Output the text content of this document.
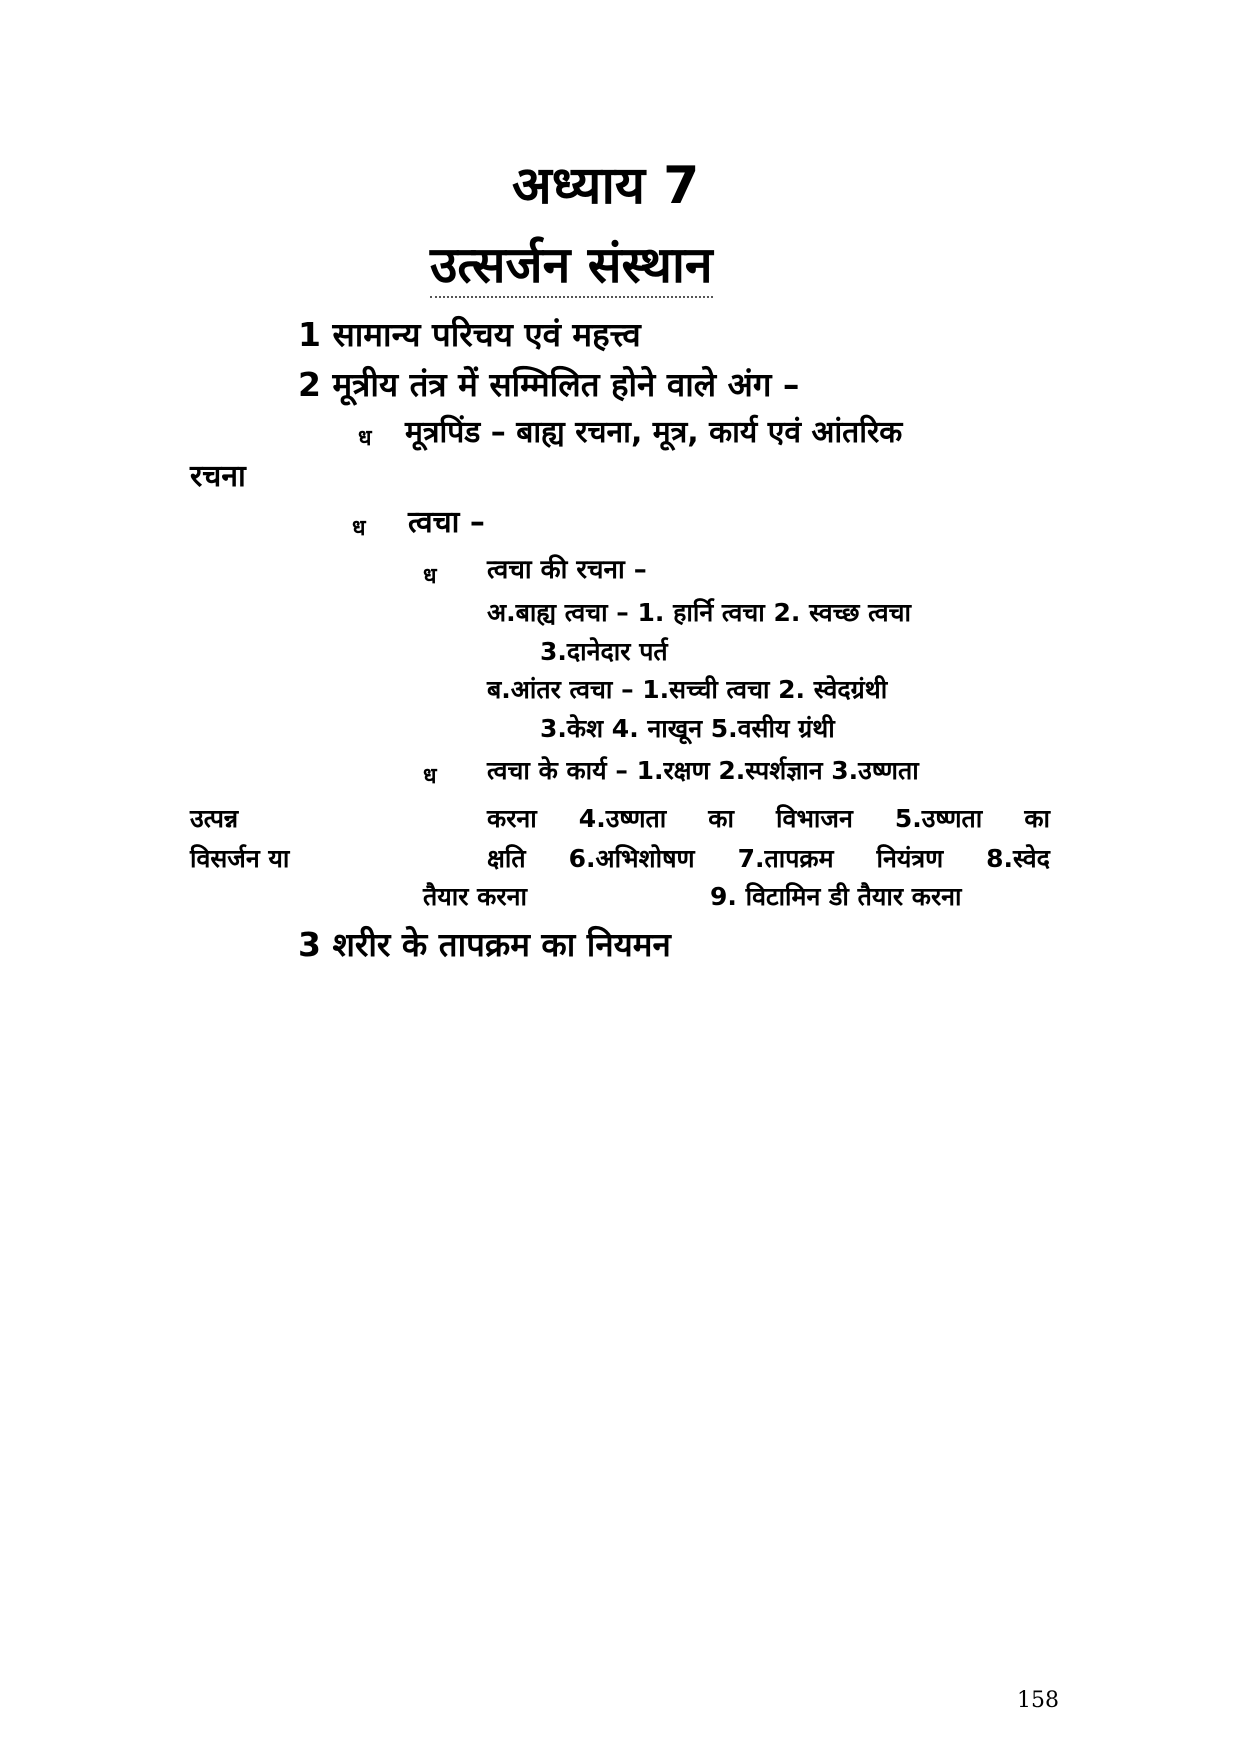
अध्याय 7
उत्सर्जन संस्थान
1 सामान्य परिचय एवं महत्त्व
2 मूत्रीय तंत्र में सम्मिलित होने वाले अंग –
ध मूत्रपिंड – बाह्य रचना, मूत्र, कार्य एवं आंतरिक
रचना
ध त्वचा –
ध त्वचा की रचना –
अ.बाह्य त्वचा – 1. हार्नि त्वचा 2. स्वच्छ त्वचा
3.दानेदार पर्त
ब.आंतर त्वचा – 1.सच्ची त्वचा 2. स्वेदग्रंथी
3.केश 4. नाखून 5.वसीय ग्रंथी
ध त्वचा के कार्य – 1.रक्षण 2.स्पर्शज्ञान 3.उष्णता
उत्पन्न	करना 4.उष्णता का विभाजन 5.उष्णता का
विसर्जन या	क्षति 6.अभिशोषण 7.तापक्रम नियंत्रण 8.स्वेद
तैयार करना	9. विटामिन डी तैयार करना
3 शरीर के तापक्रम का नियमन
158
